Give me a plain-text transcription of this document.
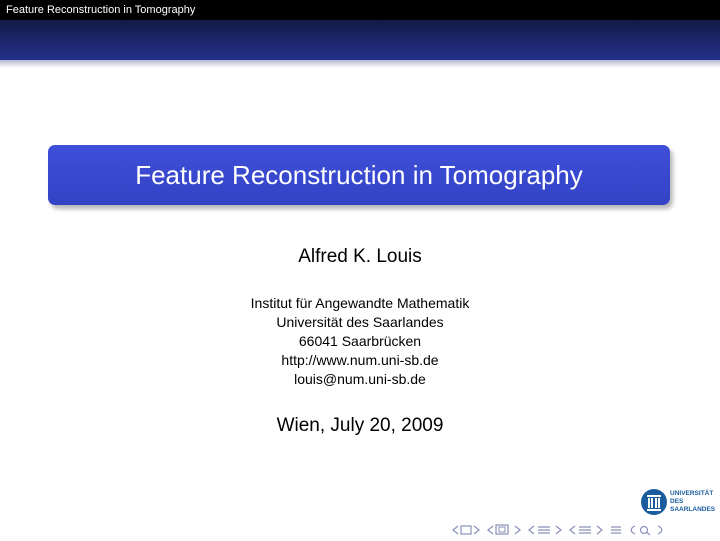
Feature Reconstruction in Tomography
Feature Reconstruction in Tomography
Alfred K. Louis
Institut für Angewandte Mathematik
Universität des Saarlandes
66041 Saarbrücken
http://www.num.uni-sb.de
louis@num.uni-sb.de
Wien, July 20, 2009
UNIVERSITÄT
DES
SAARLANDES
